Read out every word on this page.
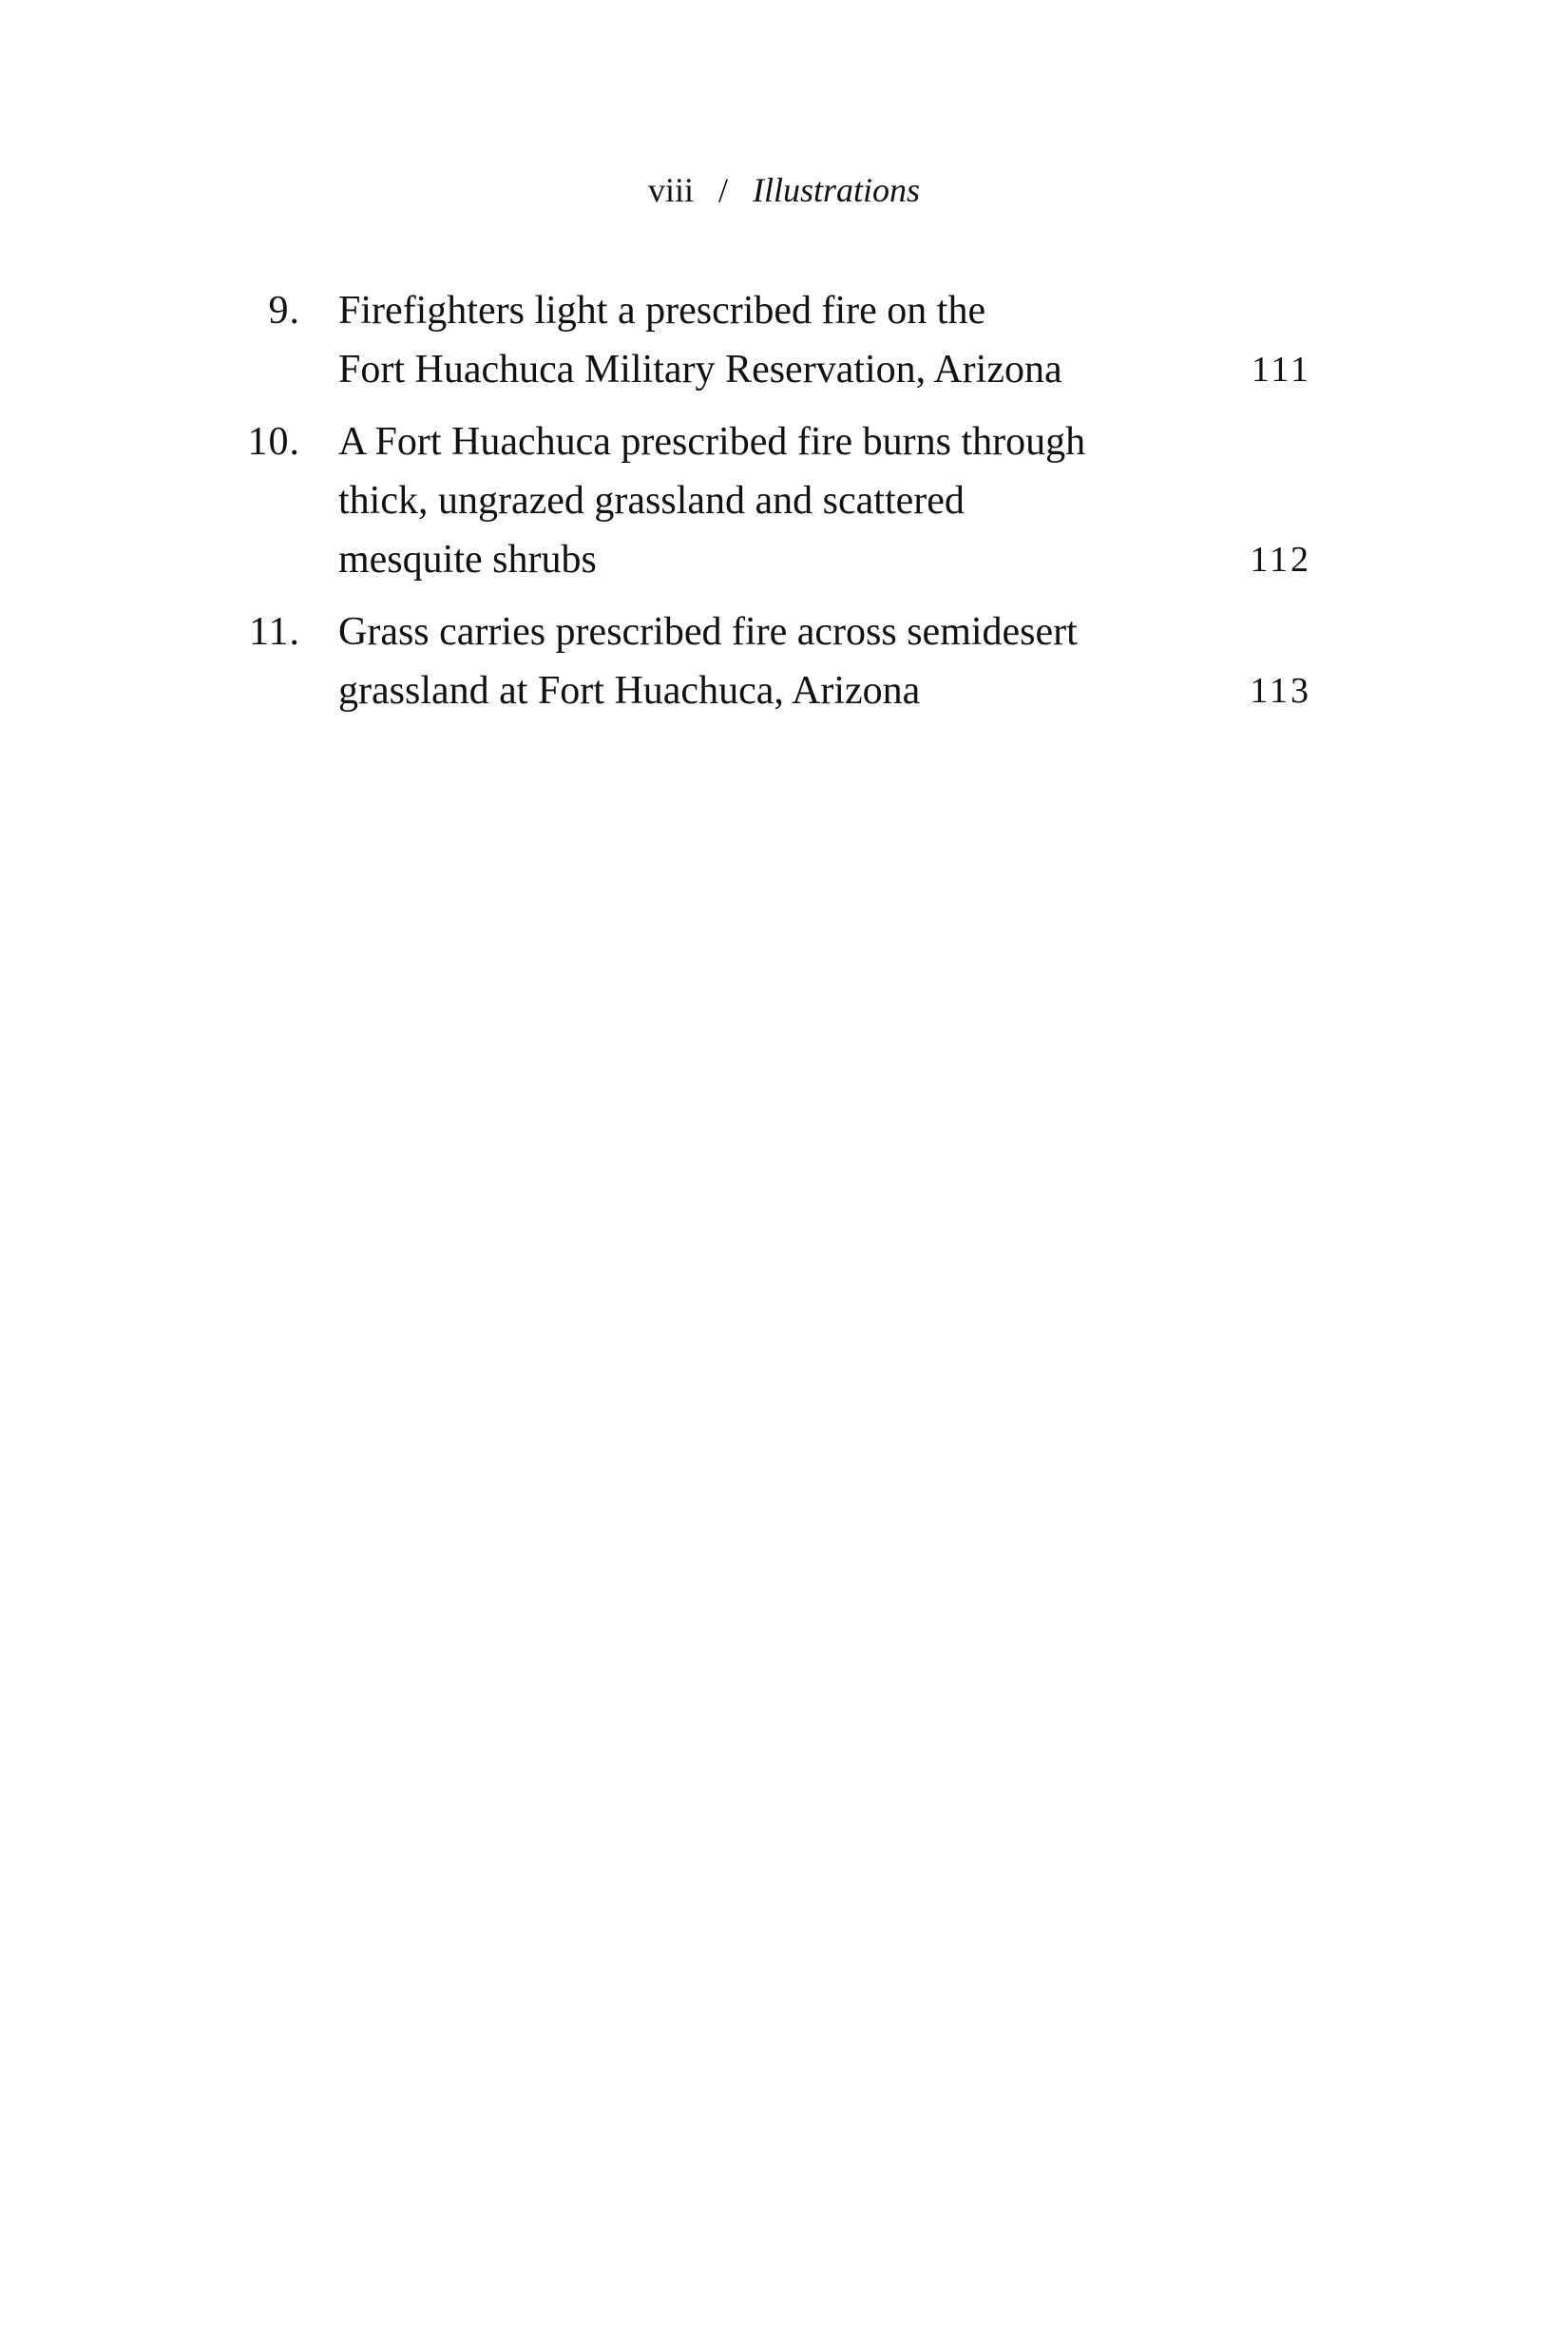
viii / Illustrations
9. Firefighters light a prescribed fire on the
Fort Huachuca Military Reservation, Arizona	111
10. A Fort Huachuca prescribed fire burns through
thick, ungrazed grassland and scattered
mesquite shrubs	112
11. Grass carries prescribed fire across semidesert
grassland at Fort Huachuca, Arizona	113
